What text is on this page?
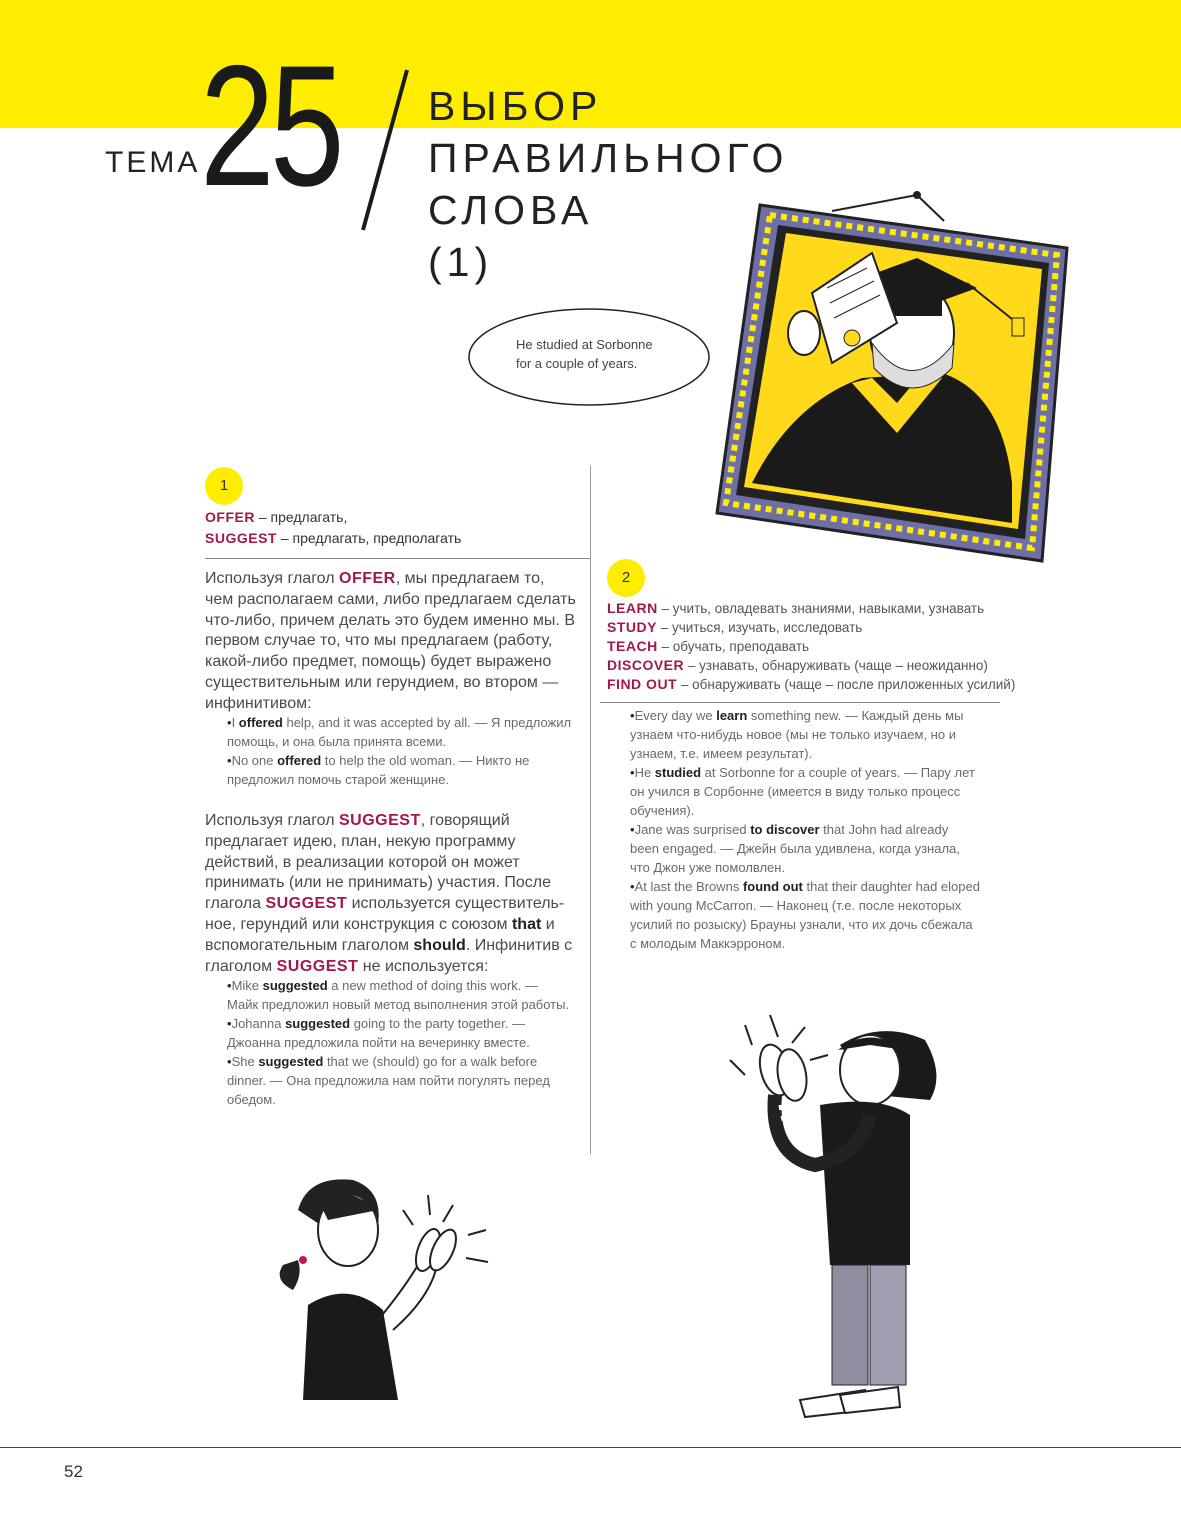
ТЕМА 25 ВЫБОР
ПРАВИЛЬНОГО
СЛОВА
(1)
He studied at Sorbonne
for a couple of years.
1
OFFER – предлагать,
SUGGEST – предлагать, предполагать
Используя глагол OFFER, мы предлагаем то, чем располагаем сами, либо предлагаем сделать что-либо, причем делать это будем именно мы. В первом случае то, что мы предлагаем (работу, какой-либо предмет, помощь) будет выражено существительным или герундием, во втором — инфинитивом:

• I offered help, and it was accepted by all. — Я предложил помощь, и она была принята всеми.

• No one offered to help the old woman. — Никто не предложил помочь старой женщине.

Используя глагол SUGGEST, говорящий предлагает идею, план, некую программу действий, в реализации которой он может принимать (или не принимать) участия. После глагола SUGGEST используется существительное, герундий или конструкция с союзом that и вспомогательным глаголом should. Инфинитив с глаголом SUGGEST не используется:

• Mike suggested a new method of doing this work. — Майк предложил новый метод выполнения этой работы.

• Johanna suggested going to the party together. — Джоанна предложила пойти на вечеринку вместе.

• She suggested that we (should) go for a walk before dinner. — Она предложила нам пойти погулять перед обедом.

2
LEARN – учить, овладевать знаниями, навыками, узнавать
STUDY – учиться, изучать, исследовать
TEACH – обучать, преподавать
DISCOVER – узнавать, обнаруживать (чаще – неожиданно)
FIND OUT – обнаруживать (чаще – после приложенных усилий)

• Every day we learn something new. — Каждый день мы узнаем что-нибудь новое (мы не только изучаем, но и узнаем, т.е. имеем результат).

• He studied at Sorbonne for a couple of years. — Пару лет он учился в Сорбонне (имеется в виду только процесс обучения).

• Jane was surprised to discover that John had already been engaged. — Джейн была удивлена, когда узнала, что Джон уже помолвлен.

• At last the Browns found out that their daughter had eloped with young McCarron. — Наконец (т.е. после некоторых усилий по розыску) Брауны узнали, что их дочь сбежала с молодым Маккэрроном.

52
